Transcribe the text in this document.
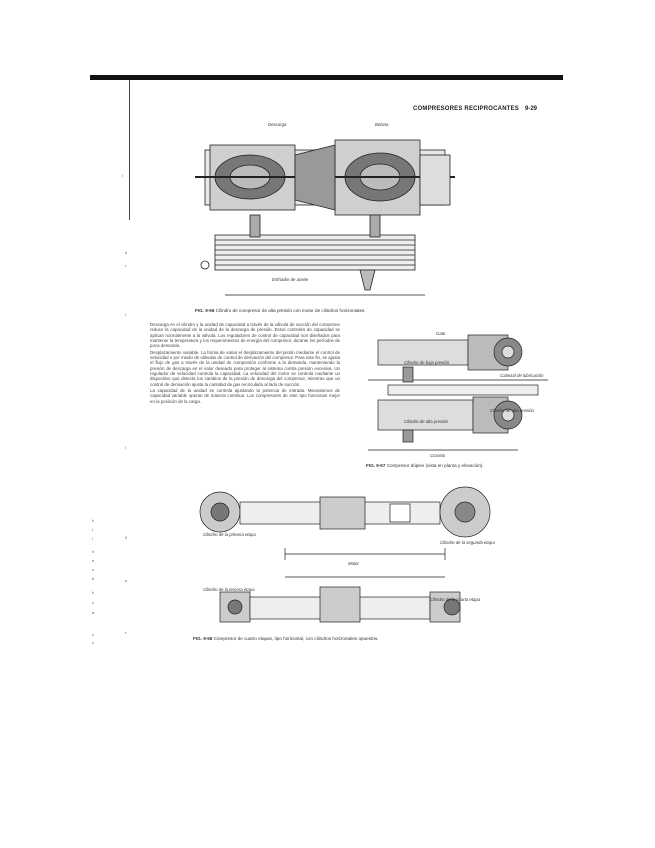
COMPRESORES RECIPROCANTES 9-29
Descarga	Bobina
Enfriador de aceite
FIG. 9-56 Cilindro de compresor de alta presión con motor de cilindros horizontales.

Descarga en el cilindro y la unidad de capacidad a través de la válvula de succión del compresor reduce la capacidad de la unidad de la descarga de presión. Estos controles de capacidad se aplican normalmente a la válvula. Los reguladores de control de capacidad son diseñados para mantener la temperatura y los requerimientos de energía del compresor, durante los períodos de poca demanda.

Desplazamiento variable. La forma de variar el desplazamiento del pistón mediante el control de velocidad o por medio de válvulas de control de derivación del compresor. Para este fin, se ajusta el flujo de gas a través de la unidad de compresión conforme a la demanda, manteniendo la presión de descarga en el valor deseado para proteger al sistema contra presión excesiva. Un regulador de velocidad controla la capacidad. La velocidad del motor se controla mediante un dispositivo que detecta los cambios de la presión de descarga del compresor, mientras que un control de derivación ajusta la cantidad de gas recirculado al lado de succión.

La capacidad de la unidad se controla ajustando la potencia de entrada. Mecanismos de capacidad variable operan de manera continua. Los compresores de este tipo funcionan mejor en la posición de la carga.

Gato
Cilindro de baja presión
Cabezal de lubricación
Cilindro de alta presión
Cilindro de alta presión
Cruceta
FIG. 9-57 Compresor dúplex (vista en planta y elevación).
Cilindro de la primera etapa
Cilindro de la segunda etapa
Motor
Cilindro de la tercera etapa
Cilindro de la cuarta etapa
FIG. 9-58 Compresor de cuatro etapas, tipo horizontal, con cilindros horizontales opuestos.
i
ii
r
i
i
ii
i
i	ii
ii
n
v
h	s
ii
v
a
r
v
v
